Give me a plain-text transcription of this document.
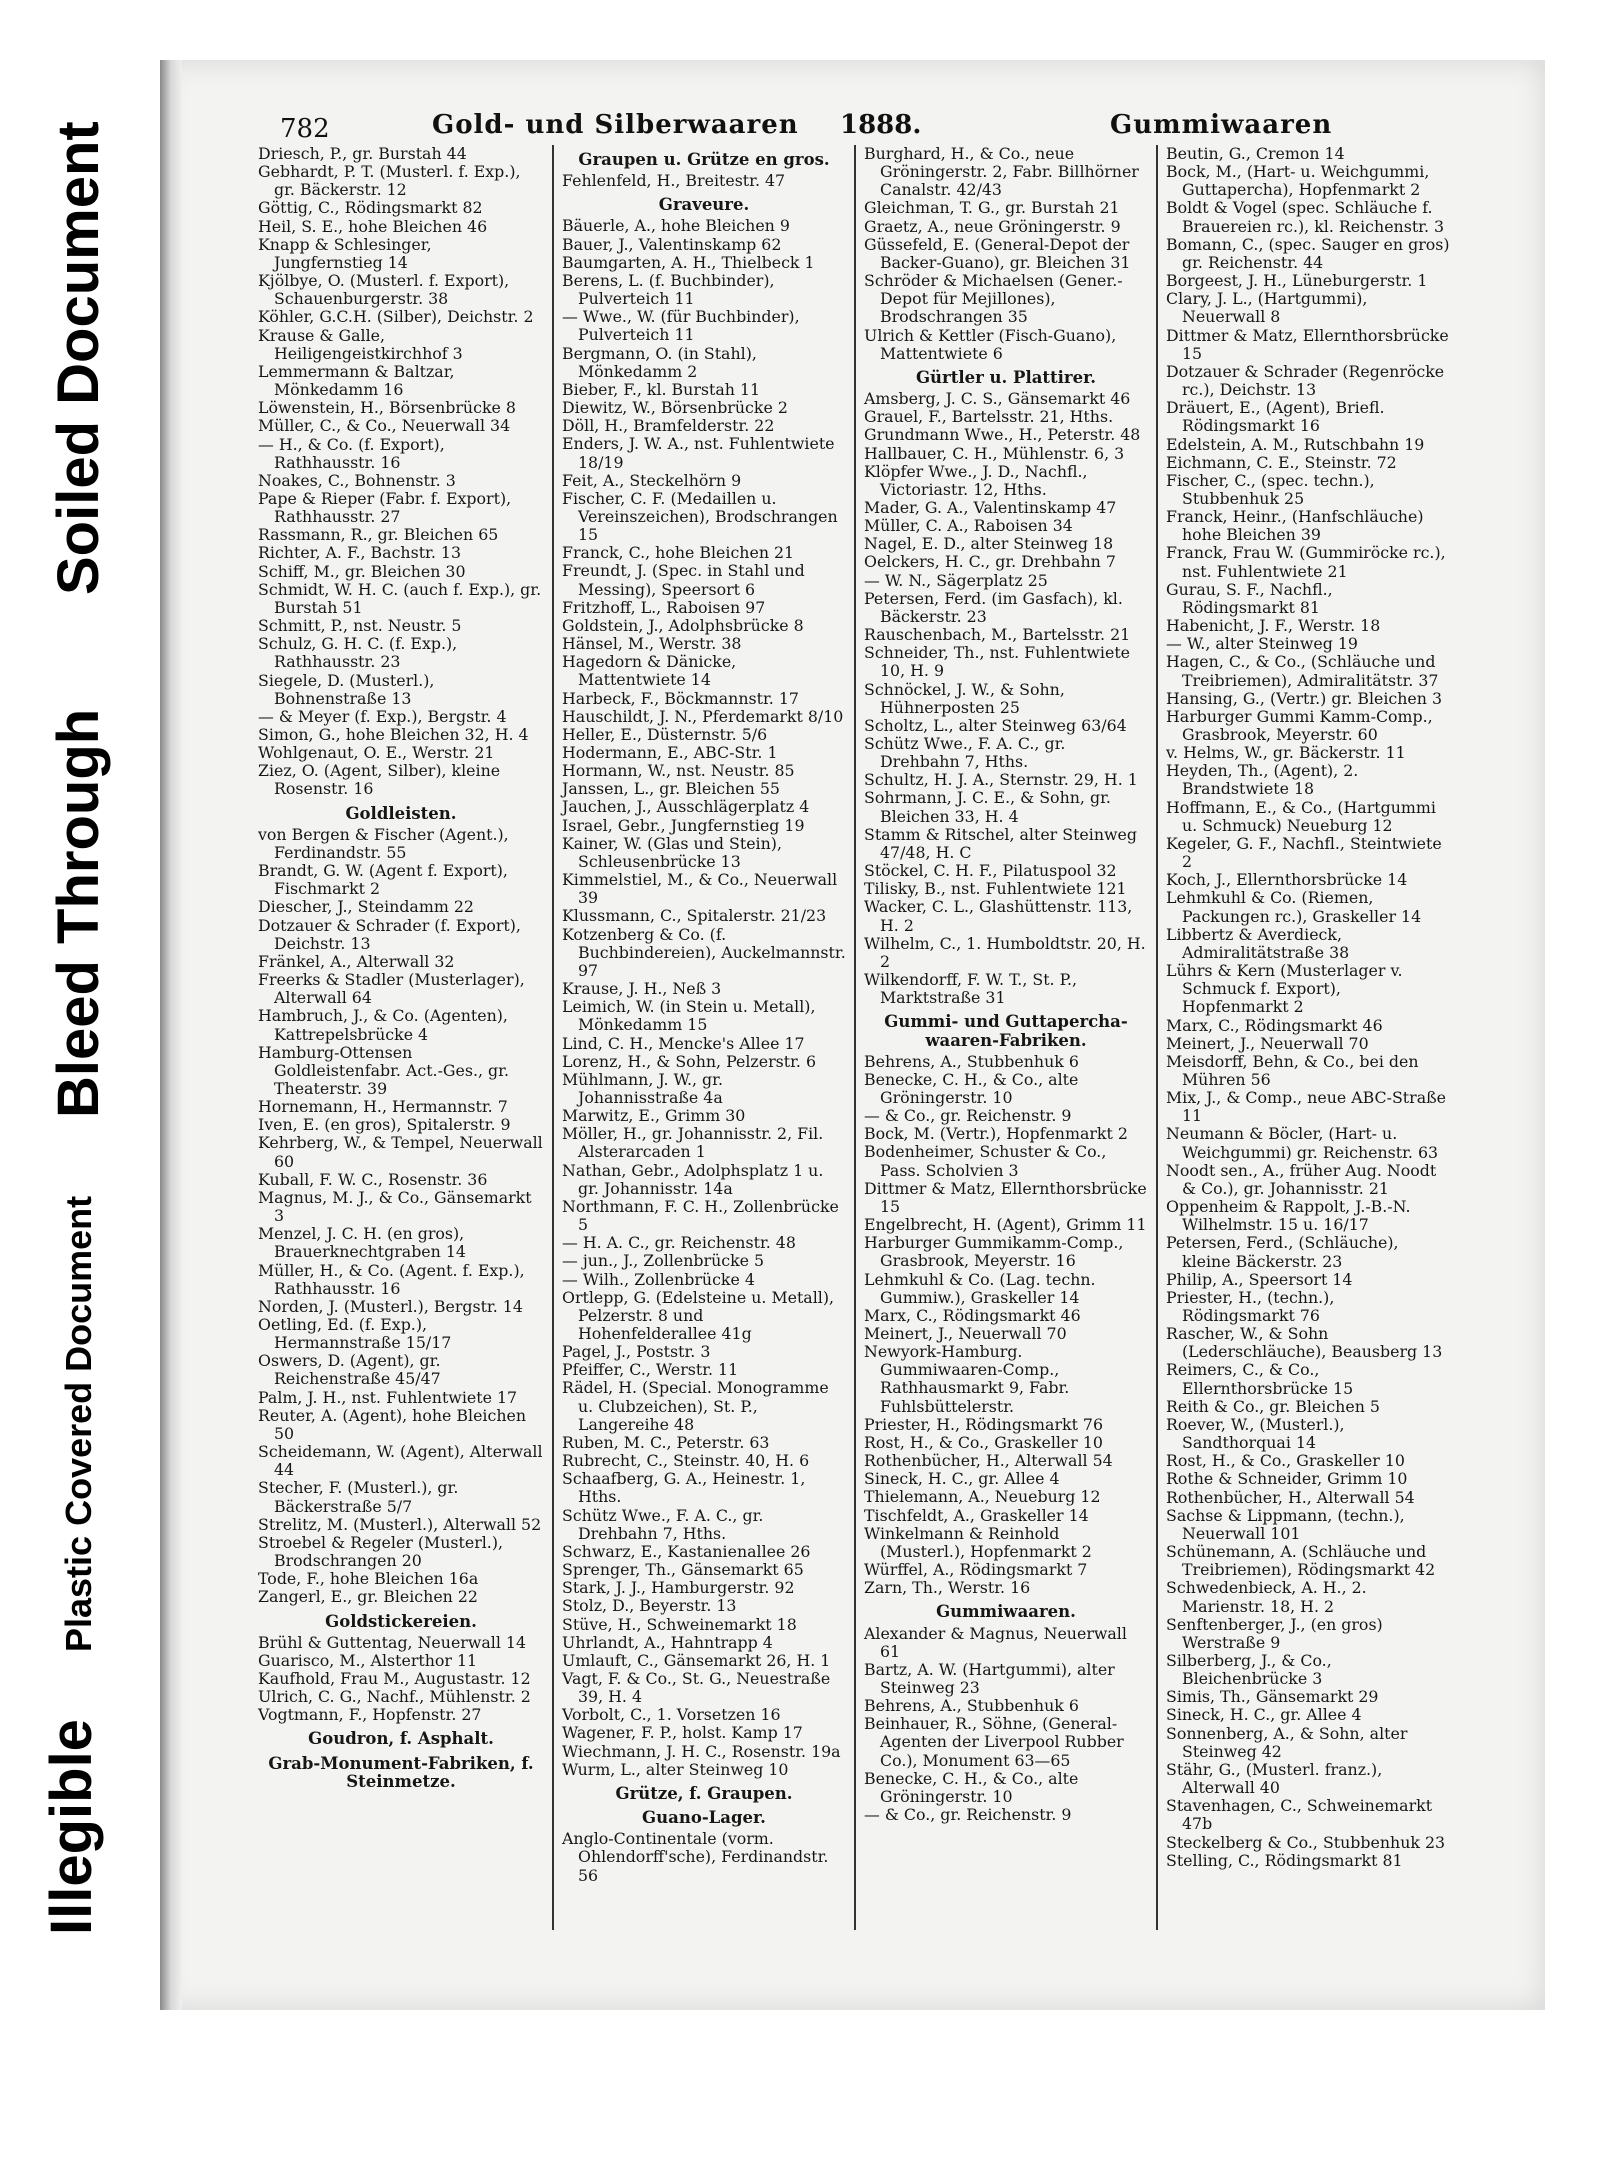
Illegible
Plastic Covered Document
Bleed Through
Soiled Document	782	Gold- und Silberwaaren 1888.	Gummiwaaren

Driesch, P., gr. Burstah 44

Gebhardt, P. T. (Musterl. f. Exp.), gr. Bäckerstr. 12

Göttig, C., Rödingsmarkt 82

Heil, S. E., hohe Bleichen 46

Knapp & Schlesinger, Jungfernstieg 14

Kjölbye, O. (Musterl. f. Export), Schauenburgerstr. 38

Köhler, G.C.H. (Silber), Deichstr. 2

Krause & Galle, Heiligengeistkirchhof 3

Lemmermann & Baltzar, Mönkedamm 16

Löwenstein, H., Börsenbrücke 8

Müller, C., & Co., Neuerwall 34

— H., & Co. (f. Export), Rathhausstr. 16

Noakes, C., Bohnenstr. 3

Pape & Rieper (Fabr. f. Export), Rathhausstr. 27

Rassmann, R., gr. Bleichen 65

Richter, A. F., Bachstr. 13

Schiff, M., gr. Bleichen 30

Schmidt, W. H. C. (auch f. Exp.), gr. Burstah 51

Schmitt, P., nst. Neustr. 5

Schulz, G. H. C. (f. Exp.), Rathhausstr. 23

Siegele, D. (Musterl.), Bohnenstraße 13

— & Meyer (f. Exp.), Bergstr. 4

Simon, G., hohe Bleichen 32, H. 4

Wohlgenaut, O. E., Werstr. 21

Ziez, O. (Agent, Silber), kleine Rosenstr. 16

Goldleisten.

von Bergen & Fischer (Agent.), Ferdinandstr. 55

Brandt, G. W. (Agent f. Export), Fischmarkt 2

Diescher, J., Steindamm 22

Dotzauer & Schrader (f. Export), Deichstr. 13

Fränkel, A., Alterwall 32

Freerks & Stadler (Musterlager), Alterwall 64

Hambruch, J., & Co. (Agenten), Kattrepelsbrücke 4

Hamburg-Ottensen Goldleistenfabr. Act.-Ges., gr. Theaterstr. 39

Hornemann, H., Hermannstr. 7

Iven, E. (en gros), Spitalerstr. 9

Kehrberg, W., & Tempel, Neuerwall 60

Kuball, F. W. C., Rosenstr. 36

Magnus, M. J., & Co., Gänsemarkt 3

Menzel, J. C. H. (en gros), Brauerknechtgraben 14

Müller, H., & Co. (Agent. f. Exp.), Rathhausstr. 16

Norden, J. (Musterl.), Bergstr. 14

Oetling, Ed. (f. Exp.), Hermannstraße 15/17

Oswers, D. (Agent), gr. Reichenstraße 45/47

Palm, J. H., nst. Fuhlentwiete 17

Reuter, A. (Agent), hohe Bleichen 50

Scheidemann, W. (Agent), Alterwall 44

Stecher, F. (Musterl.), gr. Bäckerstraße 5/7

Strelitz, M. (Musterl.), Alterwall 52

Stroebel & Regeler (Musterl.), Brodschrangen 20

Tode, F., hohe Bleichen 16a

Zangerl, E., gr. Bleichen 22

Goldstickereien.

Brühl & Guttentag, Neuerwall 14

Guarisco, M., Alsterthor 11

Kaufhold, Frau M., Augustastr. 12

Ulrich, C. G., Nachf., Mühlenstr. 2

Vogtmann, F., Hopfenstr. 27

Goudron, f. Asphalt.

Grab-Monument-Fabriken, f. Steinmetze.

Graupen u. Grütze en gros.

Fehlenfeld, H., Breitestr. 47

Graveure.

Bäuerle, A., hohe Bleichen 9

Bauer, J., Valentinskamp 62

Baumgarten, A. H., Thielbeck 1

Berens, L. (f. Buchbinder), Pulverteich 11

— Wwe., W. (für Buchbinder), Pulverteich 11

Bergmann, O. (in Stahl), Mönkedamm 2

Bieber, F., kl. Burstah 11

Diewitz, W., Börsenbrücke 2

Döll, H., Bramfelderstr. 22

Enders, J. W. A., nst. Fuhlentwiete 18/19

Feit, A., Steckelhörn 9

Fischer, C. F. (Medaillen u. Vereinszeichen), Brodschrangen 15

Franck, C., hohe Bleichen 21

Freundt, J. (Spec. in Stahl und Messing), Speersort 6

Fritzhoff, L., Raboisen 97

Goldstein, J., Adolphsbrücke 8

Hänsel, M., Werstr. 38

Hagedorn & Dänicke, Mattentwiete 14

Harbeck, F., Böckmannstr. 17

Hauschildt, J. N., Pferdemarkt 8/10

Heller, E., Düsternstr. 5/6

Hodermann, E., ABC-Str. 1

Hormann, W., nst. Neustr. 85

Janssen, L., gr. Bleichen 55

Jauchen, J., Ausschlägerplatz 4

Israel, Gebr., Jungfernstieg 19

Kainer, W. (Glas und Stein), Schleusenbrücke 13

Kimmelstiel, M., & Co., Neuerwall 39

Klussmann, C., Spitalerstr. 21/23

Kotzenberg & Co. (f. Buchbindereien), Auckelmannstr. 97

Krause, J. H., Neß 3

Leimich, W. (in Stein u. Metall), Mönkedamm 15

Lind, C. H., Mencke's Allee 17

Lorenz, H., & Sohn, Pelzerstr. 6

Mühlmann, J. W., gr. Johannisstraße 4a

Marwitz, E., Grimm 30

Möller, H., gr. Johannisstr. 2, Fil. Alsterarcaden 1

Nathan, Gebr., Adolphsplatz 1 u. gr. Johannisstr. 14a

Northmann, F. C. H., Zollenbrücke 5

— H. A. C., gr. Reichenstr. 48

— jun., J., Zollenbrücke 5

— Wilh., Zollenbrücke 4

Ortlepp, G. (Edelsteine u. Metall), Pelzerstr. 8 und Hohenfelderallee 41g

Pagel, J., Poststr. 3

Pfeiffer, C., Werstr. 11

Rädel, H. (Special. Monogramme u. Clubzeichen), St. P., Langereihe 48

Ruben, M. C., Peterstr. 63

Rubrecht, C., Steinstr. 40, H. 6

Schaafberg, G. A., Heinestr. 1, Hths.

Schütz Wwe., F. A. C., gr. Drehbahn 7, Hths.

Schwarz, E., Kastanienallee 26

Sprenger, Th., Gänsemarkt 65

Stark, J. J., Hamburgerstr. 92

Stolz, D., Beyerstr. 13

Stüve, H., Schweinemarkt 18

Uhrlandt, A., Hahntrapp 4

Umlauft, C., Gänsemarkt 26, H. 1

Vagt, F. & Co., St. G., Neuestraße 39, H. 4

Vorbolt, C., 1. Vorsetzen 16

Wagener, F. P., holst. Kamp 17

Wiechmann, J. H. C., Rosenstr. 19a

Wurm, L., alter Steinweg 10

Grütze, f. Graupen.

Guano-Lager.

Anglo-Continentale (vorm. Ohlendorff'sche), Ferdinandstr. 56

Burghard, H., & Co., neue Gröningerstr. 2, Fabr. Billhörner Canalstr. 42/43

Gleichman, T. G., gr. Burstah 21

Graetz, A., neue Gröningerstr. 9

Güssefeld, E. (General-Depot der Backer-Guano), gr. Bleichen 31

Schröder & Michaelsen (Gener.-Depot für Mejillones), Brodschrangen 35

Ulrich & Kettler (Fisch-Guano), Mattentwiete 6

Gürtler u. Plattirer.

Amsberg, J. C. S., Gänsemarkt 46

Grauel, F., Bartelsstr. 21, Hths.

Grundmann Wwe., H., Peterstr. 48

Hallbauer, C. H., Mühlenstr. 6, 3

Klöpfer Wwe., J. D., Nachfl., Victoriastr. 12, Hths.

Mader, G. A., Valentinskamp 47

Müller, C. A., Raboisen 34

Nagel, E. D., alter Steinweg 18

Oelckers, H. C., gr. Drehbahn 7

— W. N., Sägerplatz 25

Petersen, Ferd. (im Gasfach), kl. Bäckerstr. 23

Rauschenbach, M., Bartelsstr. 21

Schneider, Th., nst. Fuhlentwiete 10, H. 9

Schnöckel, J. W., & Sohn, Hühnerposten 25

Scholtz, L., alter Steinweg 63/64

Schütz Wwe., F. A. C., gr. Drehbahn 7, Hths.

Schultz, H. J. A., Sternstr. 29, H. 1

Sohrmann, J. C. E., & Sohn, gr. Bleichen 33, H. 4

Stamm & Ritschel, alter Steinweg 47/48, H. C

Stöckel, C. H. F., Pilatuspool 32

Tilisky, B., nst. Fuhlentwiete 121

Wacker, C. L., Glashüttenstr. 113, H. 2

Wilhelm, C., 1. Humboldtstr. 20, H. 2

Wilkendorff, F. W. T., St. P., Marktstraße 31

Gummi- und Guttapercha-waaren-Fabriken.

Behrens, A., Stubbenhuk 6

Benecke, C. H., & Co., alte Gröningerstr. 10

— & Co., gr. Reichenstr. 9

Bock, M. (Vertr.), Hopfenmarkt 2

Bodenheimer, Schuster & Co., Pass. Scholvien 3

Dittmer & Matz, Ellernthorsbrücke 15

Engelbrecht, H. (Agent), Grimm 11

Harburger Gummikamm-Comp., Grasbrook, Meyerstr. 16

Lehmkuhl & Co. (Lag. techn. Gummiw.), Graskeller 14

Marx, C., Rödingsmarkt 46

Meinert, J., Neuerwall 70

Newyork-Hamburg. Gummiwaaren-Comp., Rathhausmarkt 9, Fabr. Fuhlsbüttelerstr.

Priester, H., Rödingsmarkt 76

Rost, H., & Co., Graskeller 10

Rothenbücher, H., Alterwall 54

Sineck, H. C., gr. Allee 4

Thielemann, A., Neueburg 12

Tischfeldt, A., Graskeller 14

Winkelmann & Reinhold (Musterl.), Hopfenmarkt 2

Würffel, A., Rödingsmarkt 7

Zarn, Th., Werstr. 16

Gummiwaaren.

Alexander & Magnus, Neuerwall 61

Bartz, A. W. (Hartgummi), alter Steinweg 23

Behrens, A., Stubbenhuk 6

Beinhauer, R., Söhne, (General-Agenten der Liverpool Rubber Co.), Monument 63—65

Benecke, C. H., & Co., alte Gröningerstr. 10

— & Co., gr. Reichenstr. 9

Beutin, G., Cremon 14

Bock, M., (Hart- u. Weichgummi, Guttapercha), Hopfenmarkt 2

Boldt & Vogel (spec. Schläuche f. Brauereien rc.), kl. Reichenstr. 3

Bomann, C., (spec. Sauger en gros) gr. Reichenstr. 44

Borgeest, J. H., Lüneburgerstr. 1

Clary, J. L., (Hartgummi), Neuerwall 8

Dittmer & Matz, Ellernthorsbrücke 15

Dotzauer & Schrader (Regenröcke rc.), Deichstr. 13

Dräuert, E., (Agent), Briefl. Rödingsmarkt 16

Edelstein, A. M., Rutschbahn 19

Eichmann, C. E., Steinstr. 72

Fischer, C., (spec. techn.), Stubbenhuk 25

Franck, Heinr., (Hanfschläuche) hohe Bleichen 39

Franck, Frau W. (Gummiröcke rc.), nst. Fuhlentwiete 21

Gurau, S. F., Nachfl., Rödingsmarkt 81

Habenicht, J. F., Werstr. 18

— W., alter Steinweg 19

Hagen, C., & Co., (Schläuche und Treibriemen), Admiralitätstr. 37

Hansing, G., (Vertr.) gr. Bleichen 3

Harburger Gummi Kamm-Comp., Grasbrook, Meyerstr. 60

v. Helms, W., gr. Bäckerstr. 11

Heyden, Th., (Agent), 2. Brandstwiete 18

Hoffmann, E., & Co., (Hartgummi u. Schmuck) Neueburg 12

Kegeler, G. F., Nachfl., Steintwiete 2

Koch, J., Ellernthorsbrücke 14

Lehmkuhl & Co. (Riemen, Packungen rc.), Graskeller 14

Libbertz & Averdieck, Admiralitätstraße 38

Lührs & Kern (Musterlager v. Schmuck f. Export), Hopfenmarkt 2

Marx, C., Rödingsmarkt 46

Meinert, J., Neuerwall 70

Meisdorff, Behn, & Co., bei den Mühren 56

Mix, J., & Comp., neue ABC-Straße 11

Neumann & Böcler, (Hart- u. Weichgummi) gr. Reichenstr. 63

Noodt sen., A., früher Aug. Noodt & Co.), gr. Johannisstr. 21

Oppenheim & Rappolt, J.-B.-N. Wilhelmstr. 15 u. 16/17

Petersen, Ferd., (Schläuche), kleine Bäckerstr. 23

Philip, A., Speersort 14

Priester, H., (techn.), Rödingsmarkt 76

Rascher, W., & Sohn (Lederschläuche), Beausberg 13

Reimers, C., & Co., Ellernthorsbrücke 15

Reith & Co., gr. Bleichen 5

Roever, W., (Musterl.), Sandthorquai 14

Rost, H., & Co., Graskeller 10

Rothe & Schneider, Grimm 10

Rothenbücher, H., Alterwall 54

Sachse & Lippmann, (techn.), Neuerwall 101

Schünemann, A. (Schläuche und Treibriemen), Rödingsmarkt 42

Schwedenbieck, A. H., 2. Marienstr. 18, H. 2

Senftenberger, J., (en gros) Werstraße 9

Silberberg, J., & Co., Bleichenbrücke 3

Simis, Th., Gänsemarkt 29

Sineck, H. C., gr. Allee 4

Sonnenberg, A., & Sohn, alter Steinweg 42

Stähr, G., (Musterl. franz.), Alterwall 40

Stavenhagen, C., Schweinemarkt 47b

Steckelberg & Co., Stubbenhuk 23

Stelling, C., Rödingsmarkt 81
